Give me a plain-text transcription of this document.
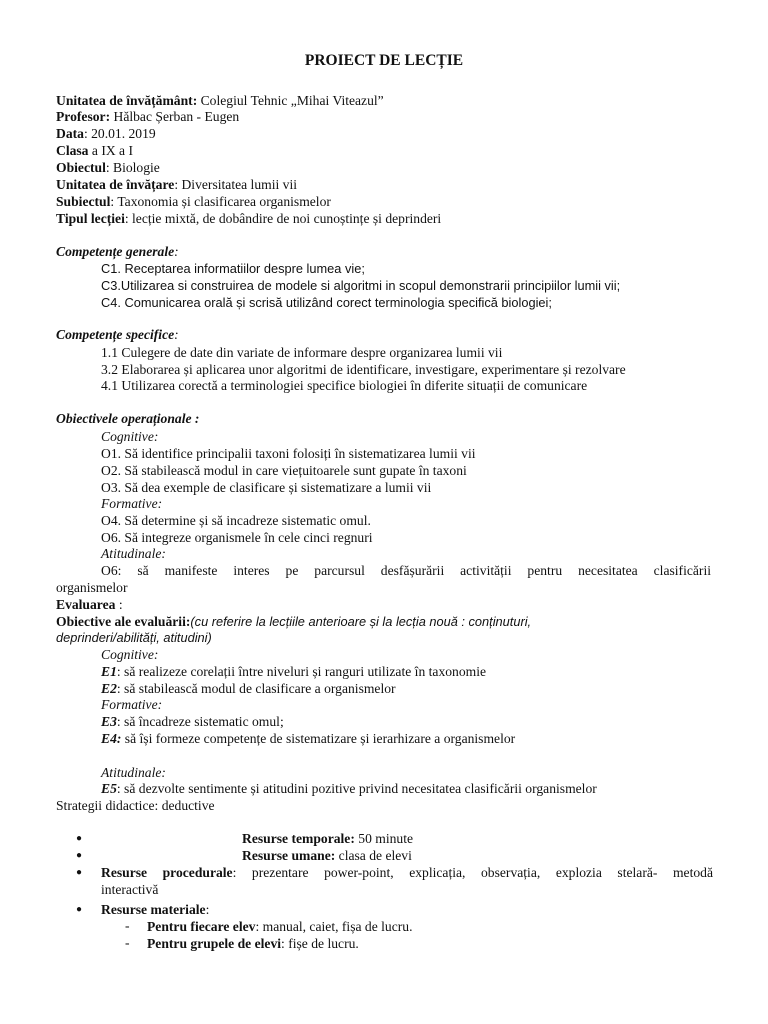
PROIECT DE LECȚIE
Unitatea de învățământ: Colegiul Tehnic „Mihai Viteazul”
Profesor: Hălbac Șerban - Eugen
Data: 20.01. 2019
Clasa a IX a I
Obiectul: Biologie
Unitatea de învățare: Diversitatea lumii vii
Subiectul: Taxonomia și clasificarea organismelor
Tipul lecției: lecție mixtă, de dobândire de noi cunoștințe și deprinderi
Competențe generale:
C1. Receptarea informatiilor despre lumea vie;
C3.Utilizarea si construirea de modele si algoritmi in scopul demonstrarii principiilor lumii vii;
C4. Comunicarea orală și scrisă utilizând corect terminologia specifică biologiei;
Competențe specifice:
1.1 Culegere de date din variate de informare despre organizarea lumii vii
3.2 Elaborarea și aplicarea unor algoritmi de identificare, investigare, experimentare și rezolvare
4.1 Utilizarea corectă a terminologiei specifice biologiei în diferite situații de comunicare
Obiectivele operaționale :
Cognitive:
O1. Să identifice principalii taxoni folosiți în sistematizarea lumii vii
O2. Să stabilească modul in care viețuitoarele sunt gupate în taxoni
O3. Să dea exemple de clasificare și sistematizare a lumii vii
Formative:
O4. Să determine și să incadreze sistematic omul.
O6. Să integreze organismele în cele cinci regnuri
Atitudinale:
O6: să manifeste interes pe parcursul desfășurării activității pentru necesitatea clasificării
organismelor
Evaluarea :
Obiective ale evaluării:(cu referire la lecțiile anterioare și la lecția nouă : conținuturi,
deprinderi/abilități, atitudini)
Cognitive:
E1: să realizeze corelații între niveluri și ranguri utilizate în taxonomie
E2: să stabilească modul de clasificare a organismelor
Formative:
E3: să încadreze sistematic omul;
E4: să își formeze competențe de sistematizare și ierarhizare a organismelor
Atitudinale:
E5: să dezvolte sentimente și atitudini pozitive privind necesitatea clasificării organismelor
Strategii didactice: deductive
●	Resurse temporale: 50 minute
●	Resurse umane: clasa de elevi
● Resurse procedurale: prezentare power-point, explicația, observația, explozia stelară- metodă
interactivă
● Resurse materiale:
- Pentru fiecare elev: manual, caiet, fișa de lucru.
- Pentru grupele de elevi: fișe de lucru.
